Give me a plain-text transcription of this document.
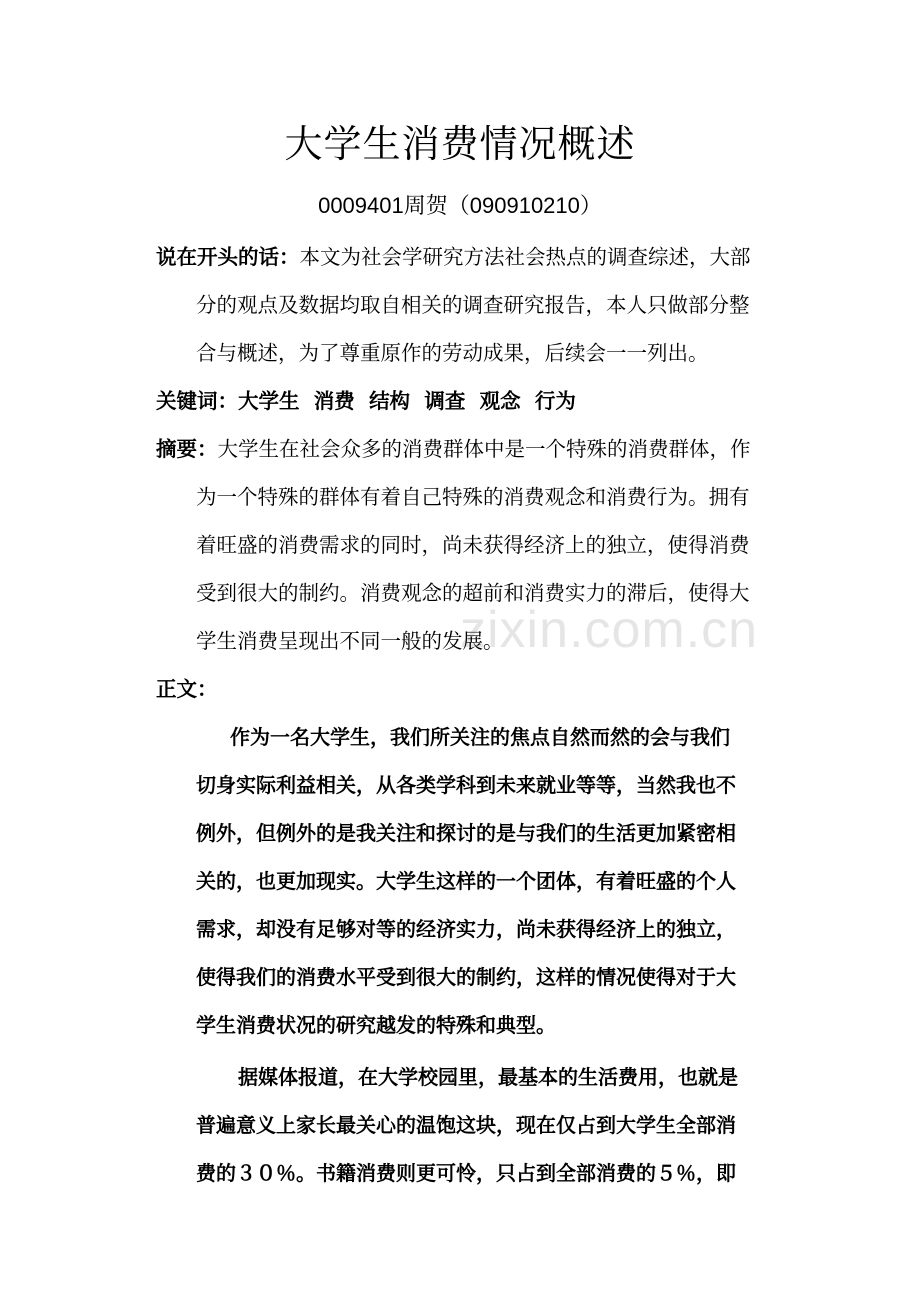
大学生消费情况概述
0009401周贺（090910210）
说在开头的话：本文为社会学研究方法社会热点的调查综述，大部
分的观点及数据均取自相关的调查研究报告，本人只做部分整
合与概述，为了尊重原作的劳动成果，后续会一一列出。
关键词：大学生 消费 结构 调查 观念 行为
摘要：大学生在社会众多的消费群体中是一个特殊的消费群体，作
为一个特殊的群体有着自己特殊的消费观念和消费行为。拥有
着旺盛的消费需求的同时，尚未获得经济上的独立，使得消费
受到很大的制约。消费观念的超前和消费实力的滞后，使得大
学生消费呈现出不同一般的发展。
正文：
作为一名大学生，我们所关注的焦点自然而然的会与我们
切身实际利益相关，从各类学科到未来就业等等，当然我也不
例外，但例外的是我关注和探讨的是与我们的生活更加紧密相
关的，也更加现实。大学生这样的一个团体，有着旺盛的个人
需求，却没有足够对等的经济实力，尚未获得经济上的独立，
使得我们的消费水平受到很大的制约，这样的情况使得对于大
学生消费状况的研究越发的特殊和典型。
据媒体报道，在大学校园里，最基本的生活费用，也就是
普遍意义上家长最关心的温饱这块，现在仅占到大学生全部消
费的３０％。书籍消费则更可怜，只占到全部消费的５％，即
zixin.com.cn
